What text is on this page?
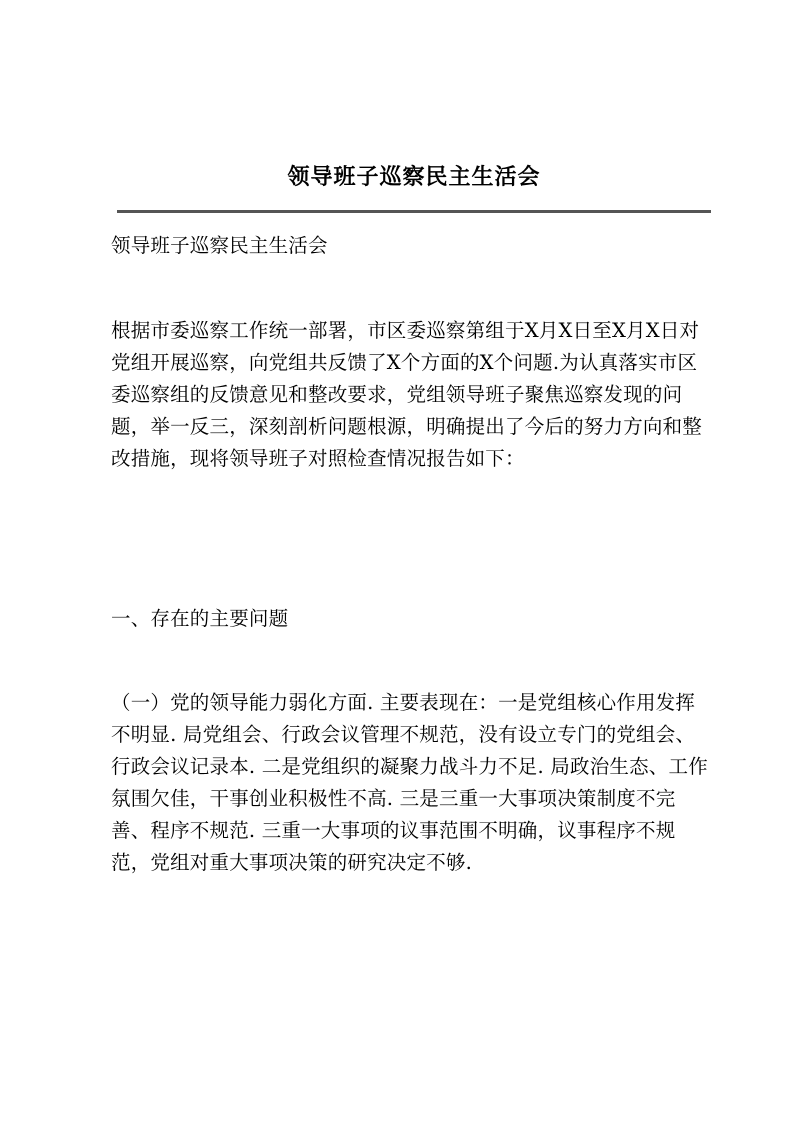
领导班子巡察民主生活会

领导班子巡察民主生活会

根据市委巡察工作统一部署，市区委巡察第组于X月X日至X月X日对党组开展巡察，向党组共反馈了X个方面的X个问题.为认真落实市区委巡察组的反馈意见和整改要求，党组领导班子聚焦巡察发现的问题，举一反三，深刻剖析问题根源，明确提出了今后的努力方向和整改措施，现将领导班子对照检查情况报告如下：

一、存在的主要问题

（一）党的领导能力弱化方面. 主要表现在：一是党组核心作用发挥不明显. 局党组会、行政会议管理不规范，没有设立专门的党组会、行政会议记录本. 二是党组织的凝聚力战斗力不足. 局政治生态、工作氛围欠佳，干事创业积极性不高. 三是三重一大事项决策制度不完善、程序不规范. 三重一大事项的议事范围不明确，议事程序不规范，党组对重大事项决策的研究决定不够.
